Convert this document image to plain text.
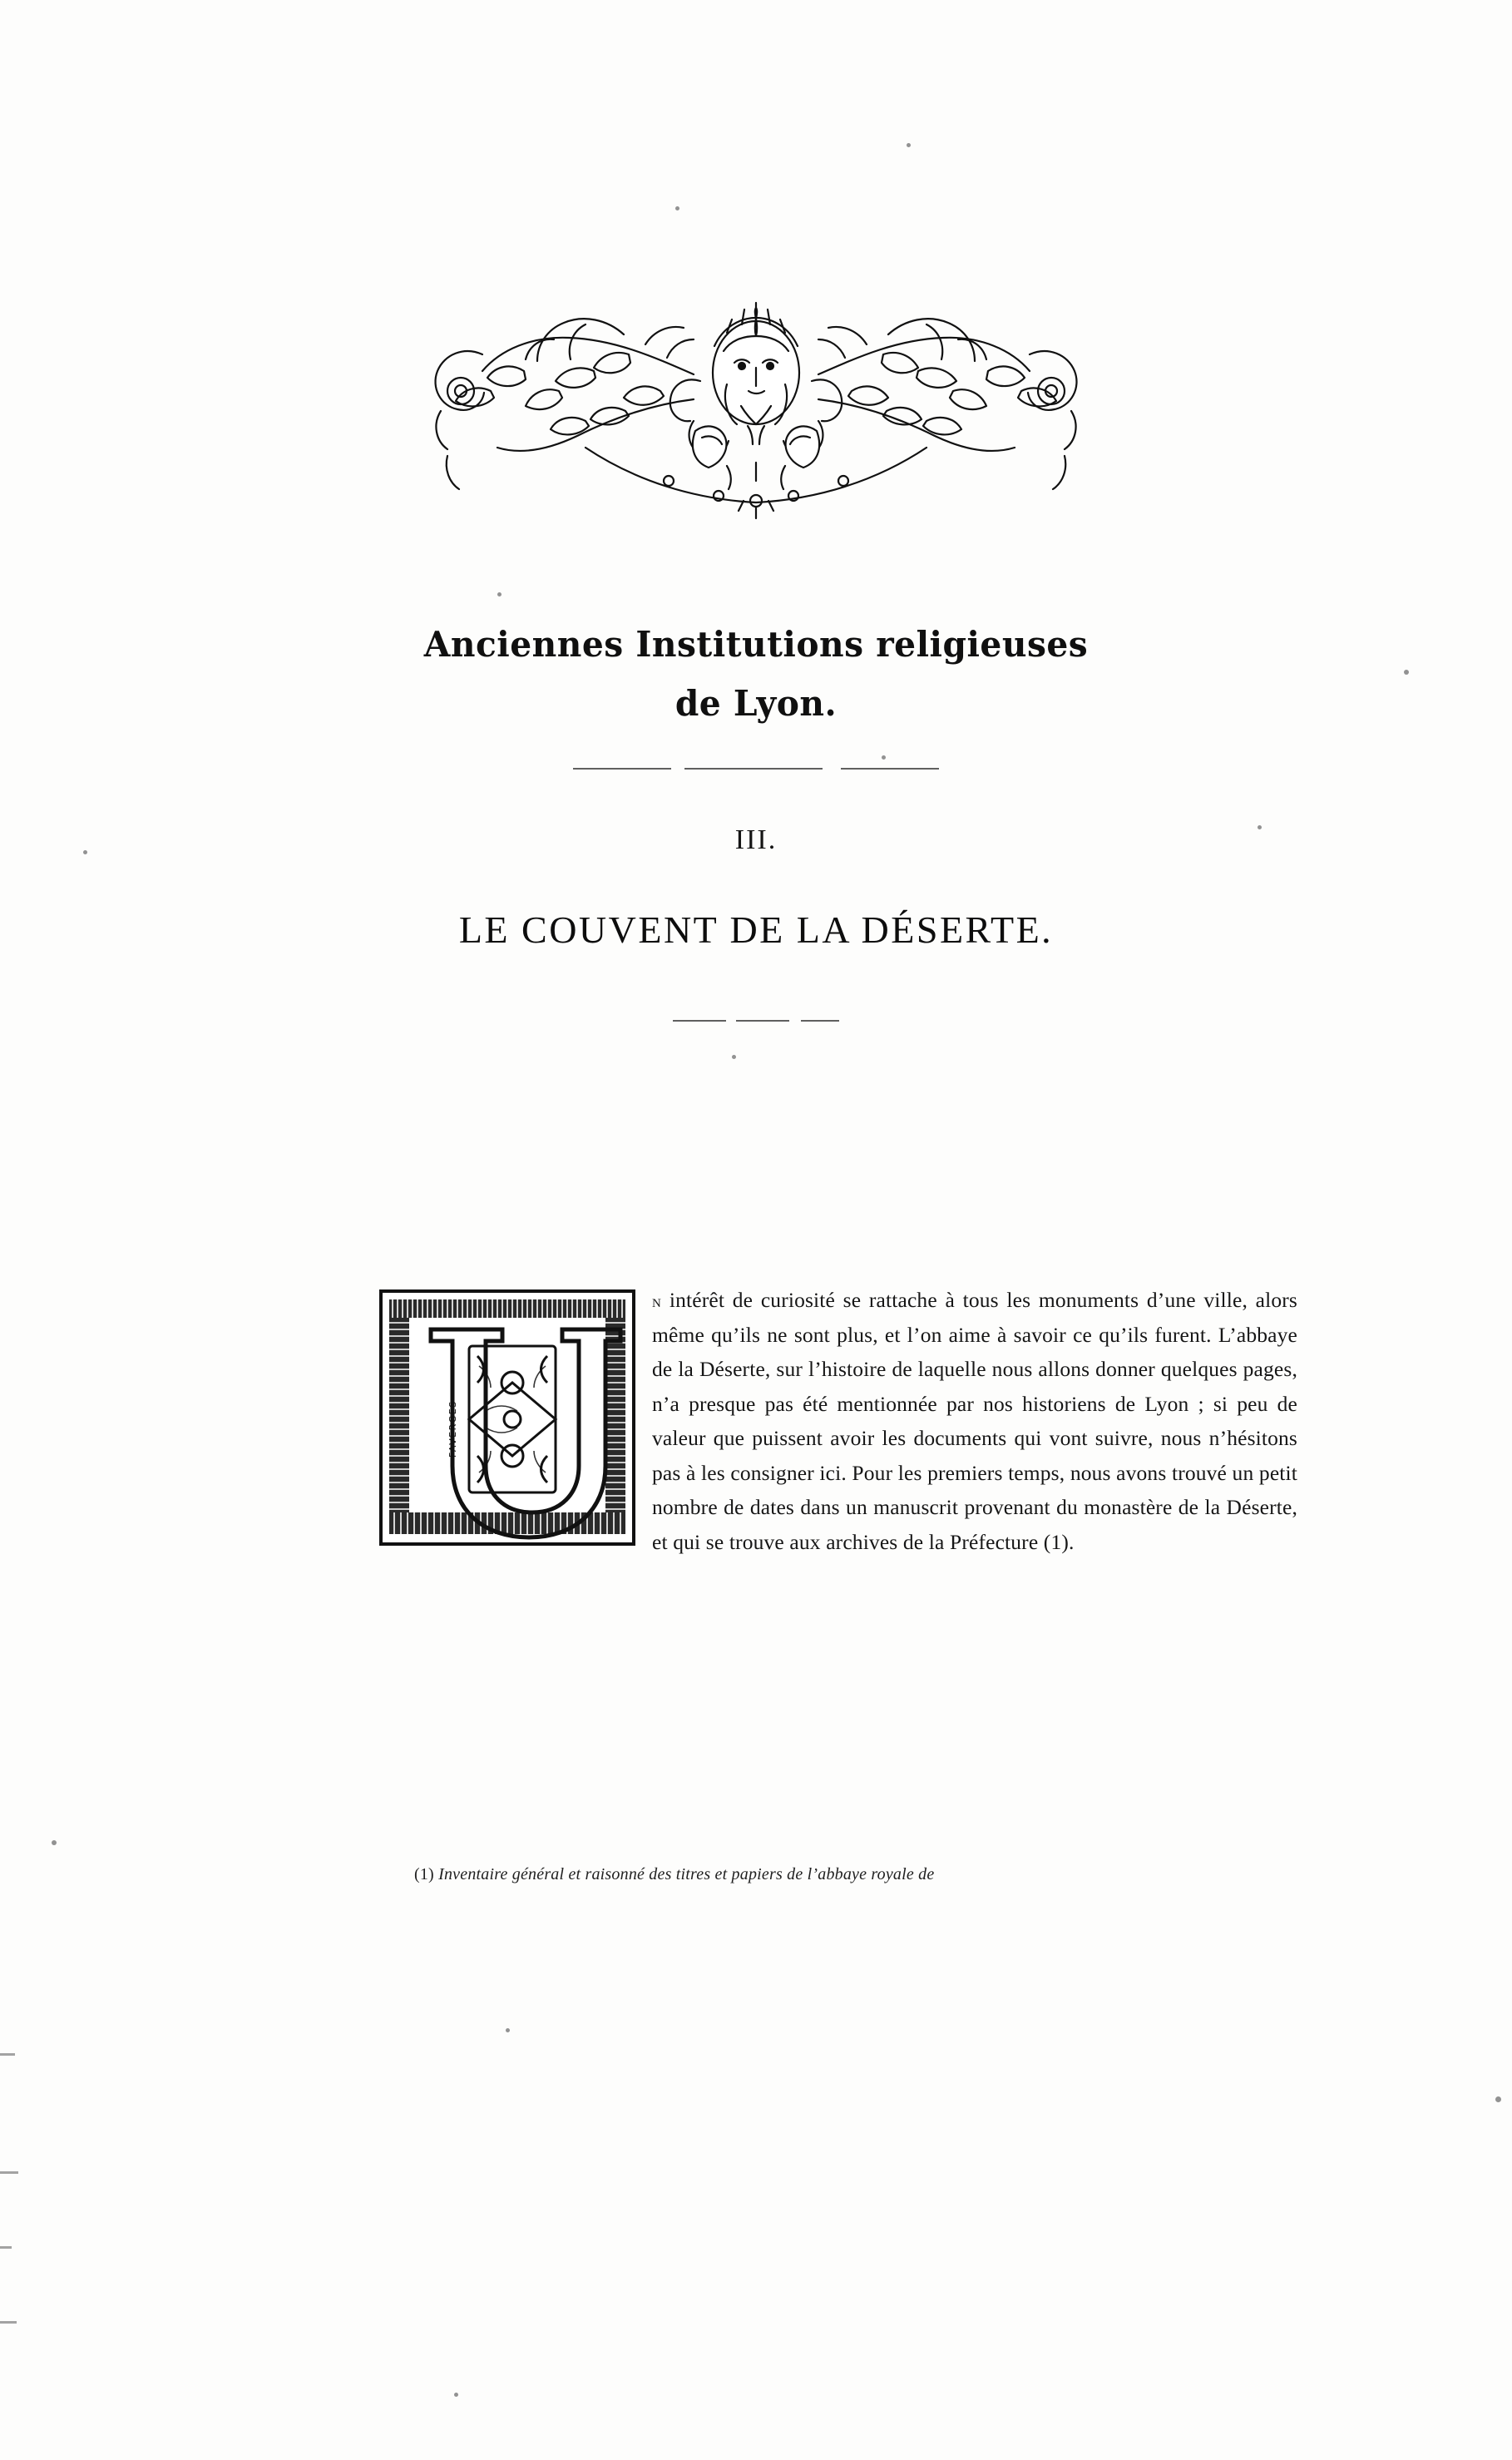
Anciennes Institutions religieuses
de Lyon.
III.
LE COUVENT DE LA DÉSERTE.
FAVERGES

n intérêt de curiosité se rattache à tous les monuments d’une ville, alors même qu’ils ne sont plus, et l’on aime à savoir ce qu’ils furent. L’abbaye de la Déserte, sur l’histoire de laquelle nous allons donner quelques pages, n’a presque pas été mentionnée par nos historiens de Lyon ; si peu de valeur que puissent avoir les documents qui vont suivre, nous n’hésitons pas à les consigner ici. Pour les premiers temps, nous avons trouvé un petit nombre de dates dans un manuscrit provenant du monastère de la Déserte, et qui se trouve aux archives de la Préfecture (1).

(1) Inventaire général et raisonné des titres et papiers de l’abbaye royale de
